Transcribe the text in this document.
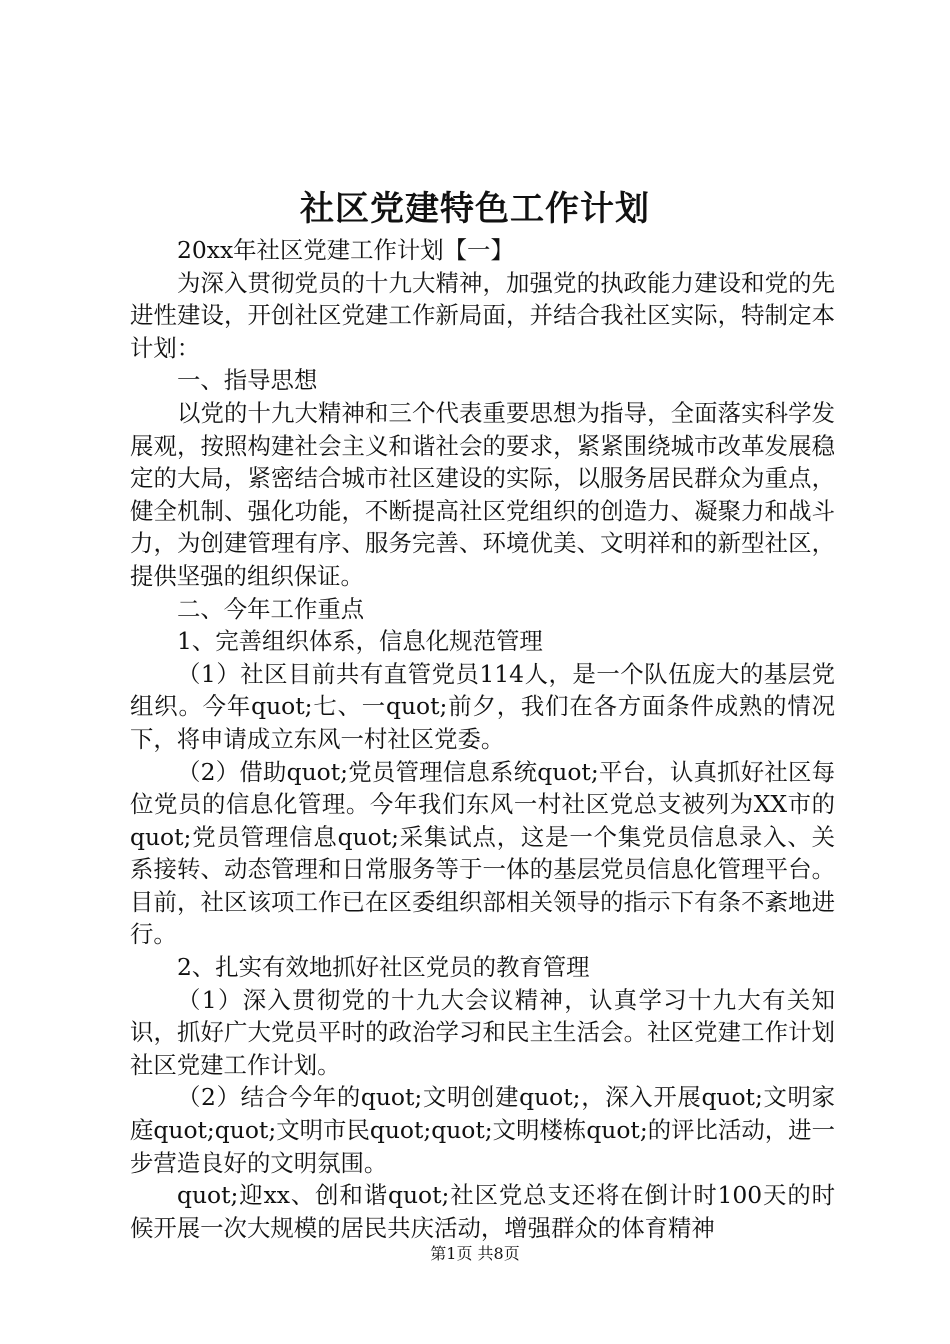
社区党建特色工作计划

20xx年社区党建工作计划【一】

为深入贯彻党员的十九大精神，加强党的执政能力建设和党的先进性建设，开创社区党建工作新局面，并结合我社区实际，特制定本计划：

一、指导思想

以党的十九大精神和三个代表重要思想为指导，全面落实科学发展观，按照构建社会主义和谐社会的要求，紧紧围绕城市改革发展稳定的大局，紧密结合城市社区建设的实际，以服务居民群众为重点，健全机制、强化功能，不断提高社区党组织的创造力、凝聚力和战斗力，为创建管理有序、服务完善、环境优美、文明祥和的新型社区，提供坚强的组织保证。

二、今年工作重点

1、完善组织体系，信息化规范管理

（1）社区目前共有直管党员114人，是一个队伍庞大的基层党组织。今年quot;七、一quot;前夕，我们在各方面条件成熟的情况下，将申请成立东风一村社区党委。

（2）借助quot;党员管理信息系统quot;平台，认真抓好社区每位党员的信息化管理。今年我们东风一村社区党总支被列为XX市的quot;党员管理信息quot;采集试点，这是一个集党员信息录入、关系接转、动态管理和日常服务等于一体的基层党员信息化管理平台。目前，社区该项工作已在区委组织部相关领导的指示下有条不紊地进行。

2、扎实有效地抓好社区党员的教育管理

（1）深入贯彻党的十九大会议精神，认真学习十九大有关知识，抓好广大党员平时的政治学习和民主生活会。社区党建工作计划社区党建工作计划。

（2）结合今年的quot;文明创建quot;，深入开展quot;文明家庭quot;quot;文明市民quot;quot;文明楼栋quot;的评比活动，进一步营造良好的文明氛围。

quot;迎xx、创和谐quot;社区党总支还将在倒计时100天的时候开展一次大规模的居民共庆活动，增强群众的体育精神

第1页 共8页
